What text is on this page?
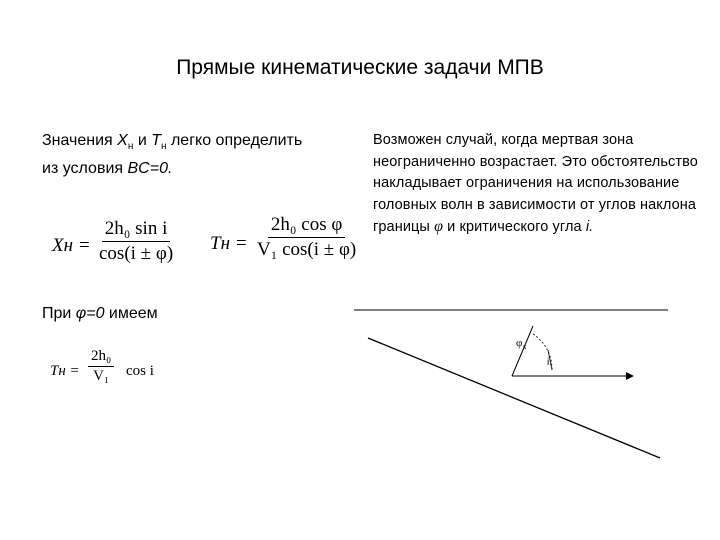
Прямые кинематические задачи МПВ
Значения $X_н$ и $T_н$ легко определить
из условия BC=0.
Возможен случай, когда мертвая зона неограниченно возрастает. Это обстоятельство накладывает ограничения на использование головных волн в зависимости от углов наклона границы φ и критического угла i.
Xн = $\frac{\text{2h₀ sin i}}{\cos(i \pm \varphi)}$ Tн = $\frac{\text{2h₀ cos φ}}{\text{V₁ cos(i ± φ)}}$
При φ=0 имеем
Tн = $\frac{\text{2h₀}}{\text{V₁}}$ cos i
φ к
i
